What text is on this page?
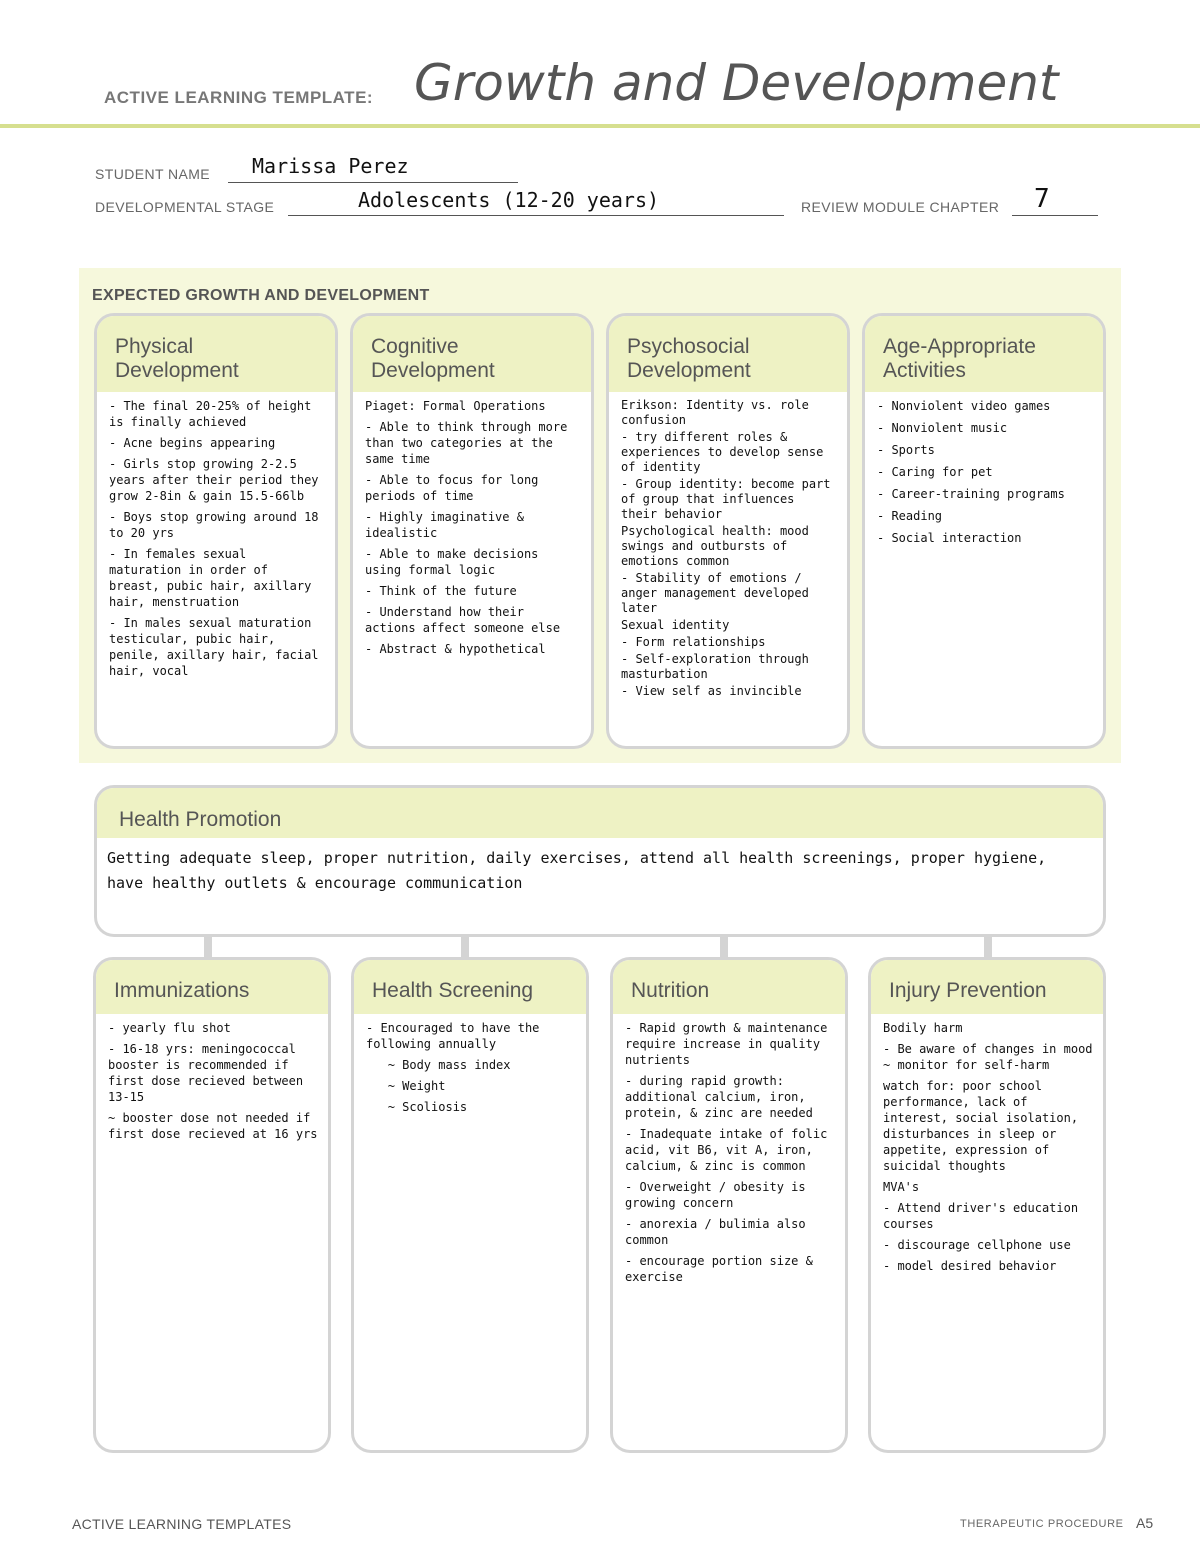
ACTIVE LEARNING TEMPLATE: Growth and Development
STUDENT NAME Marissa Perez
DEVELOPMENTAL STAGE	Adolescents (12-20 years)	REVIEW MODULE CHAPTER 7
EXPECTED GROWTH AND DEVELOPMENT
Physical
Development

- The final 20-25% of height is finally achieved

- Acne begins appearing

- Girls stop growing 2-2.5 years after their period they grow 2-8in & gain 15.5-66lb

- Boys stop growing around 18 to 20 yrs

- In females sexual maturation in order of breast, pubic hair, axillary hair, menstruation

- In males sexual maturation testicular, pubic hair, penile, axillary hair, facial hair, vocal

Cognitive
Development

Piaget: Formal Operations

- Able to think through more than two categories at the same time

- Able to focus for long periods of time

- Highly imaginative & idealistic

- Able to make decisions using formal logic

- Think of the future

- Understand how their actions affect someone else

- Abstract & hypothetical

Psychosocial
Development

Erikson: Identity vs. role confusion

- try different roles & experiences to develop sense of identity

- Group identity: become part of group that influences their behavior

Psychological health: mood swings and outbursts of emotions common

- Stability of emotions / anger management developed later

Sexual identity

- Form relationships

- Self-exploration through masturbation

- View self as invincible

Age-Appropriate
Activities

- Nonviolent video games

- Nonviolent music

- Sports

- Caring for pet

- Career-training programs

- Reading

- Social interaction

Health Promotion
Getting adequate sleep, proper nutrition, daily exercises, attend all health screenings, proper hygiene, have healthy outlets & encourage communication
Immunizations

- yearly flu shot

- 16-18 yrs: meningococcal booster is recommended if first dose recieved between 13-15

~ booster dose not needed if first dose recieved at 16 yrs

Health Screening

- Encouraged to have the following annually

~ Body mass index

~ Weight

~ Scoliosis

Nutrition

- Rapid growth & maintenance require increase in quality nutrients

- during rapid growth: additional calcium, iron, protein, & zinc are needed

- Inadequate intake of folic acid, vit B6, vit A, iron, calcium, & zinc is common

- Overweight / obesity is growing concern

- anorexia / bulimia also common

- encourage portion size & exercise

Injury Prevention

Bodily harm

- Be aware of changes in mood ~ monitor for self-harm

watch for: poor school performance, lack of interest, social isolation, disturbances in sleep or appetite, expression of suicidal thoughts

MVA's

- Attend driver's education courses

- discourage cellphone use

- model desired behavior

ACTIVE LEARNING TEMPLATES	THERAPEUTIC PROCEDURE A5
